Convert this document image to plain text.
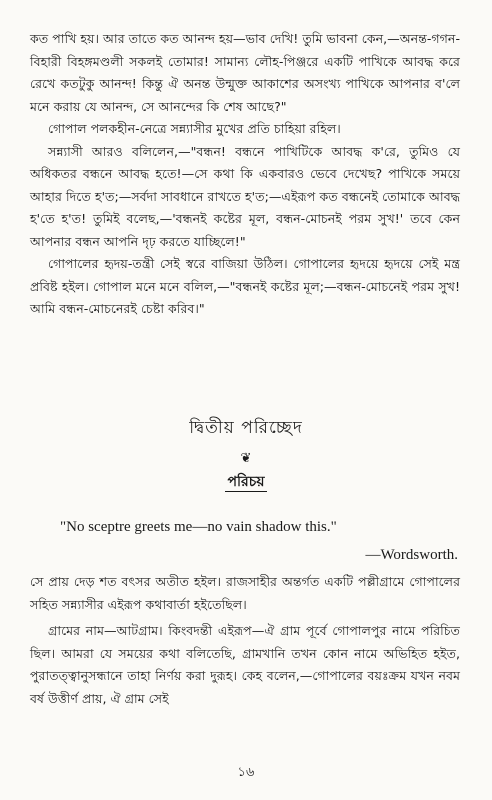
কত পাখি হয়। আর তাতে কত আনন্দ হয়—ভাব দেখি! তুমি ভাবনা কেন,—অনন্ত-গগন-বিহারী বিহঙ্গমণ্ডলী সকলই তোমার! সামান্য লৌহ-পিঞ্জরে একটি পাখিকে আবদ্ধ করে রেখে কতটুকু আনন্দ! কিন্তু ঐ অনন্ত উন্মুক্ত আকাশের অসংখ্য পাখিকে আপনার ব'লে মনে করায় যে আনন্দ, সে আনন্দের কি শেষ আছে?"

গোপাল পলকহীন-নেত্রে সন্ন্যাসীর মুখের প্রতি চাহিয়া রহিল।

সন্ন্যাসী আরও বলিলেন,—"বন্ধন! বন্ধনে পাখিটিকে আবদ্ধ ক'রে, তুমিও যে অধিকতর বন্ধনে আবদ্ধ হতে!—সে কথা কি একবারও ভেবে দেখেছ? পাখিকে সময়ে আহার দিতে হ'ত;—সর্বদা সাবধানে রাখতে হ'ত;—এইরূপ কত বন্ধনেই তোমাকে আবদ্ধ হ'তে হ'ত! তুমিই বলেছ,—'বন্ধনই কষ্টের মূল, বন্ধন-মোচনই পরম সুখ!' তবে কেন আপনার বন্ধন আপনি দৃঢ় করতে যাচ্ছিলে!"

গোপালের হৃদয়-তন্ত্রী সেই স্বরে বাজিয়া উঠিল। গোপালের হৃদয়ে হৃদয়ে সেই মন্ত্র প্রবিষ্ট হইল। গোপাল মনে মনে বলিল,—"বন্ধনই কষ্টের মূল;—বন্ধন-মোচনেই পরম সুখ! আমি বন্ধন-মোচনেরই চেষ্টা করিব।"

দ্বিতীয় পরিচ্ছেদ
❦
পরিচয়

"No sceptre greets me—no vain shadow this."

—Wordsworth.

সে প্রায় দেড় শত বৎসর অতীত হইল। রাজসাহীর অন্তর্গত একটি পল্লীগ্রামে গোপালের সহিত সন্ন্যাসীর এইরূপ কথাবার্তা হইতেছিল।

গ্রামের নাম—আটগ্রাম। কিংবদন্তী এইরূপ—ঐ গ্রাম পূর্বে গোপালপুর নামে পরিচিত ছিল। আমরা যে সময়ের কথা বলিতেছি, গ্রামখানি তখন কোন নামে অভিহিত হইত, পুরাতত্ত্বানুসন্ধানে তাহা নির্ণয় করা দুরূহ। কেহ বলেন,—গোপালের বয়ঃক্রম যখন নবম বর্ষ উত্তীর্ণ প্রায়, ঐ গ্রাম সেই

১৬
